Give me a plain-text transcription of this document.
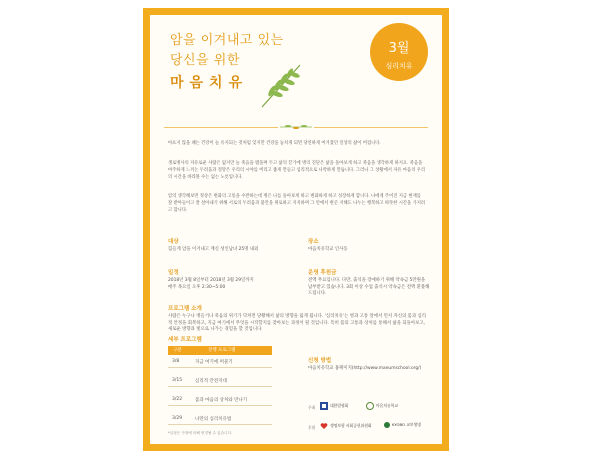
암을 이겨내고 있는
당신을 위한
마음치유
3월
심리치유
아프지 않을 때는 건강이 늘 유지되는 것처럼 잊지만 건강을 놓치게 되면 당연하게 여겨졌던 일상의 삶이 버겁니다.
생로병사의 자유로운 사람은 없지만 늘 죽음을 맴돌며 두고 삶의 끝가에 병의 진단은 삶을 돌아보게 하고 죽음을 생각하게 하지요. 죽음을 마주하게 느끼는 두려움과 절망은 우리의 시야를 버리고 좁게 만들고 심리적으로 나약하게 만듭니다. 그러나 그 상황에서 자유 마음의 우리의 시간을 바라볼 수는 없는 노릇입니다.
암의 생각해보면 정상은 변화의 고통을 수반하는데 병은 나를 돌아보게 하고 변화하게 하고 성장하게 합니다. 나에게 주어진 지금 현재를 잘 받아들이고 잘 살아내기 위해 서로의 두려움과 불안을 위로하고 지지하며 그 안에서 변곤 지혜도 나누는 행복하고 따뜻한 시간을 가지려고 합니다.
대상
힘들게 암을 이겨내고 계신 성인남녀 25명 내외
장소
마음치유학교 인사동
일정
2018년 3월 8일부터 2018년 3월 29일까지
매주 목요일 오후 2:30~5:00
운영 후원금
전액 무료입니다. 다만, 출석을 장애하기 위해 약속금 5만원을 납부받고 있습니다. 3회 이상 수업 출석시 약속금은 전액 환불해드립니다.
프로그램 소개
사람은 누구나 병들거나 죽음의 위기가 닥쳐면 당황해서 삶의 방향을 잃게 됩니다. '심리치유'는 병과 고통 앞에서 먼저 자신의 몸과 심리적 안정을 회복하고, 지금 여기에서 무엇을 시작할지를 찾아보는 과정이 될 것입니다. 특히 몸의 고통과 상처를 통해서 삶을 되돌아보고, 새로운 방향과 빛으로 나가는 경험을 할 것입니다.
세부 프로그램
구분	진행 프로그램
3/8	지금 여기에 머물기
3/15	심리적 안전지대
3/22	몸과 마음의 상처와 만나기
3/29	나만의 심리치유법
*일정은 사정에 의해 변경될 수 있습니다.
신청 방법
마음치유학교 홈페이지(http://www.maeumschool.org/)
주최	대한암협회	마음치유학교
후원	생명보험 사회공헌위원회	KYOBO 교보생명
